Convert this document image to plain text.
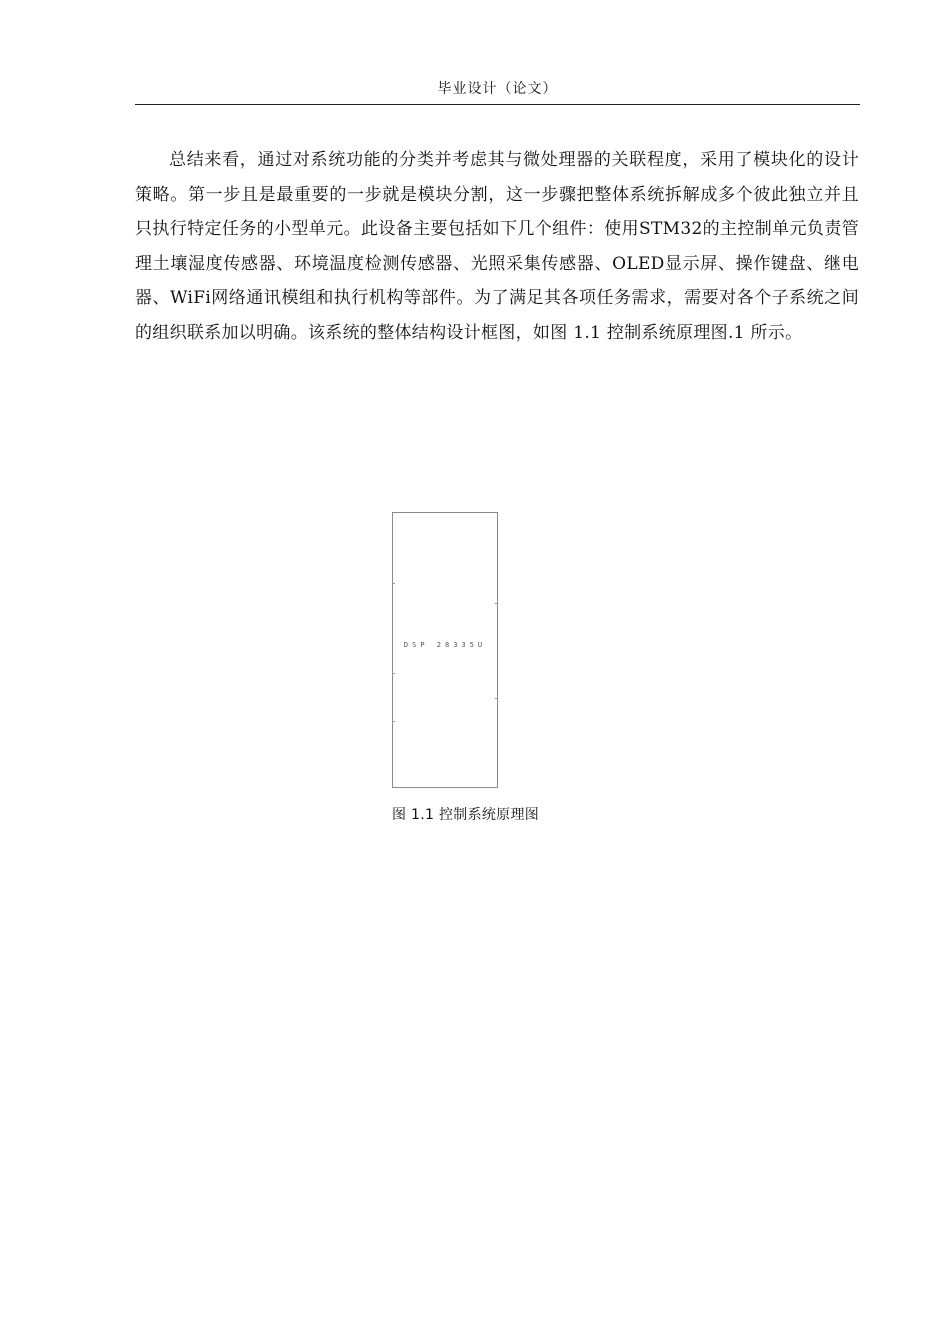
毕业设计（论文）

总结来看，通过对系统功能的分类并考虑其与微处理器的关联程度，采用了模块化的设计策略。第一步且是最重要的一步就是模块分割，这一步骤把整体系统拆解成多个彼此独立并且只执行特定任务的小型单元。此设备主要包括如下几个组件：使用STM32的主控制单元负责管理土壤湿度传感器、环境温度检测传感器、光照采集传感器、OLED显示屏、操作键盘、继电器、WiFi网络通讯模组和执行机构等部件。为了满足其各项任务需求，需要对各个子系统之间的组织联系加以明确。该系统的整体结构设计框图，如图 1.1 控制系统原理图.1 所示。

DSP 28335U
图 1.1 控制系统原理图
